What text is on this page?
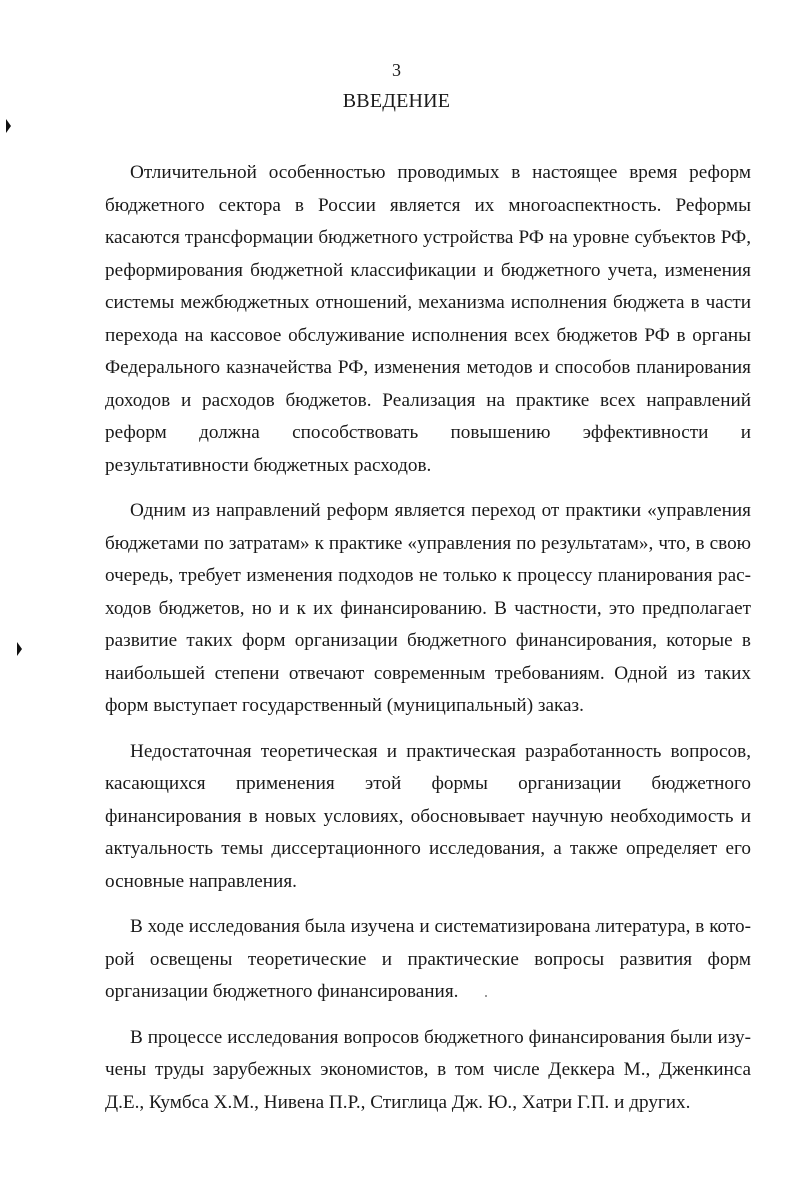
3
ВВЕДЕНИЕ

Отличительной особенностью проводимых в настоящее время реформ бюджетного сектора в России является их многоаспектность. Реформы касаются трансформации бюджетного устройства РФ на уровне субъектов РФ, реформирования бюджетной классификации и бюджетного учета, изменения системы межбюджетных отношений, механизма исполнения бюджета в части перехода на кассовое обслуживание исполнения всех бюджетов РФ в органы Федерального казначейства РФ, изменения методов и способов планирования доходов и расходов бюджетов. Реализация на практике всех направлений реформ должна способствовать повышению эффективности и результативности бюджетных расходов.

Одним из направлений реформ является переход от практики «управления бюджетами по затратам» к практике «управления по результатам», что, в свою очередь, требует изменения подходов не только к процессу планирования расходов бюджетов, но и к их финансированию. В частности, это предполагает развитие таких форм организации бюджетного финансирования, которые в наибольшей степени отвечают современным требованиям. Одной из таких форм выступает государственный (муниципальный) заказ.

Недостаточная теоретическая и практическая разработанность вопросов, касающихся применения этой формы организации бюджетного финансирования в новых условиях, обосновывает научную необходимость и актуальность темы диссертационного исследования, а также определяет его основные направления.

В ходе исследования была изучена и систематизирована литература, в которой освещены теоретические и практические вопросы развития форм организации бюджетного финансирования.

В процессе исследования вопросов бюджетного финансирования были изучены труды зарубежных экономистов, в том числе Деккера М., Дженкинса Д.Е., Кумбса Х.М., Нивена П.Р., Стиглица Дж. Ю., Хатри Г.П. и других.
